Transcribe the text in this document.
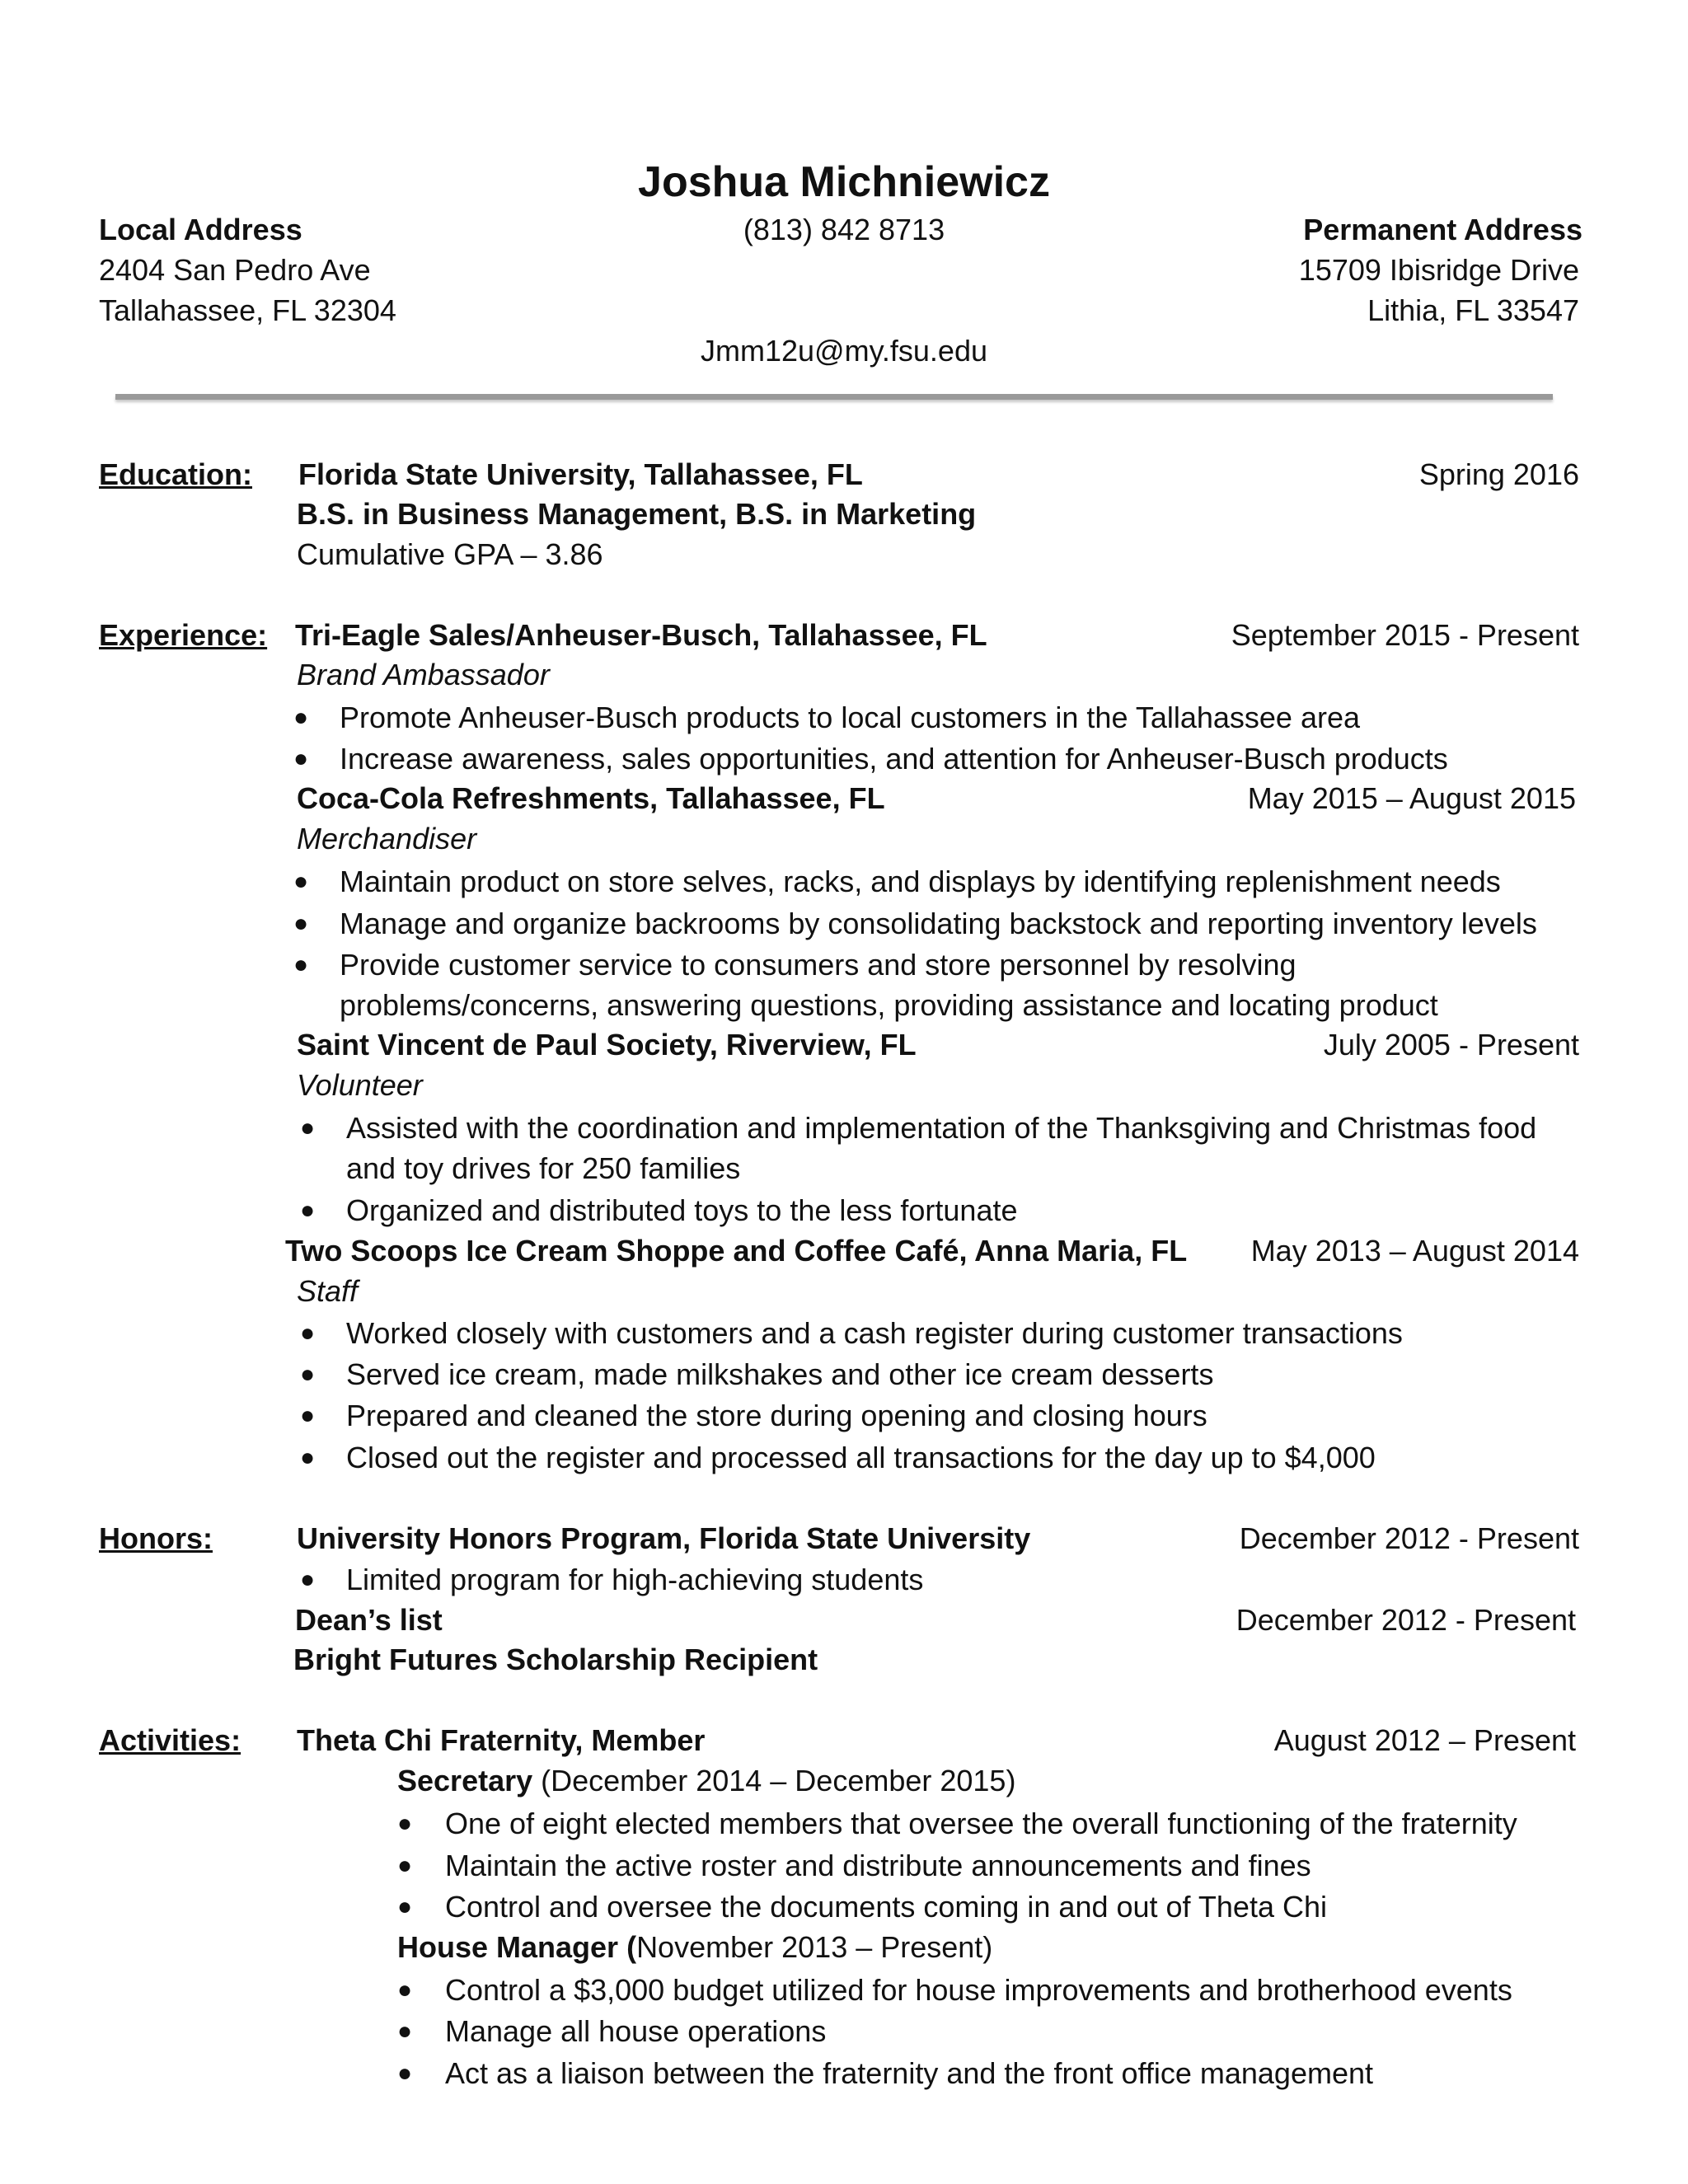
Joshua Michniewicz
Local Address	(813) 842 8713	Permanent Address
2404 San Pedro Ave	15709 Ibisridge Drive
Tallahassee, FL 32304	Lithia, FL 33547
Jmm12u@my.fsu.edu
Education: Florida State University, Tallahassee, FL	Spring 2016
B.S. in Business Management, B.S. in Marketing
Cumulative GPA – 3.86
Experience: Tri-Eagle Sales/Anheuser-Busch, Tallahassee, FL	September 2015 - Present
Brand Ambassador
● Promote Anheuser-Busch products to local customers in the Tallahassee area
● Increase awareness, sales opportunities, and attention for Anheuser-Busch products
Coca-Cola Refreshments, Tallahassee, FL	May 2015 – August 2015
Merchandiser
● Maintain product on store selves, racks, and displays by identifying replenishment needs
● Manage and organize backrooms by consolidating backstock and reporting inventory levels
● Provide customer service to consumers and store personnel by resolving
problems/concerns, answering questions, providing assistance and locating product
Saint Vincent de Paul Society, Riverview, FL	July 2005 - Present
Volunteer
● Assisted with the coordination and implementation of the Thanksgiving and Christmas food
and toy drives for 250 families
● Organized and distributed toys to the less fortunate
Two Scoops Ice Cream Shoppe and Coffee Café, Anna Maria, FL May 2013 – August 2014
Staff
● Worked closely with customers and a cash register during customer transactions
● Served ice cream, made milkshakes and other ice cream desserts
● Prepared and cleaned the store during opening and closing hours
● Closed out the register and processed all transactions for the day up to $4,000
Honors:	University Honors Program, Florida State University	December 2012 - Present
● Limited program for high-achieving students
Dean’s list	December 2012 - Present
Bright Futures Scholarship Recipient
Activities: Theta Chi Fraternity, Member	August 2012 – Present
Secretary (December 2014 – December 2015)
● One of eight elected members that oversee the overall functioning of the fraternity
● Maintain the active roster and distribute announcements and fines
● Control and oversee the documents coming in and out of Theta Chi
House Manager (November 2013 – Present)
● Control a $3,000 budget utilized for house improvements and brotherhood events
● Manage all house operations
● Act as a liaison between the fraternity and the front office management
